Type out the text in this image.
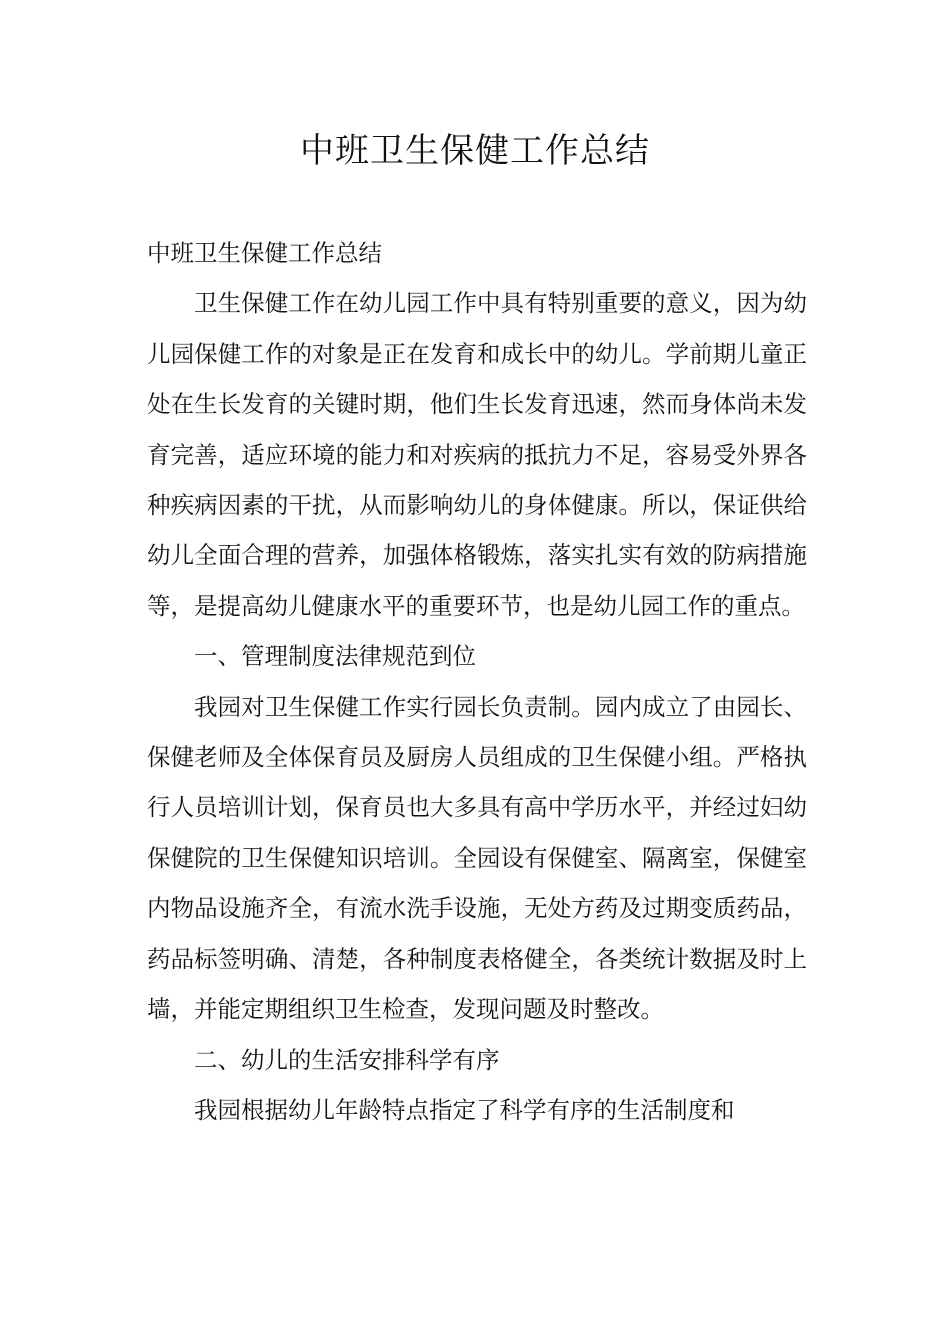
中班卫生保健工作总结

中班卫生保健工作总结

卫生保健工作在幼儿园工作中具有特别重要的意义，因为幼儿园保健工作的对象是正在发育和成长中的幼儿。学前期儿童正处在生长发育的关键时期，他们生长发育迅速，然而身体尚未发育完善，适应环境的能力和对疾病的抵抗力不足，容易受外界各种疾病因素的干扰，从而影响幼儿的身体健康。所以，保证供给幼儿全面合理的营养，加强体格锻炼，落实扎实有效的防病措施等，是提高幼儿健康水平的重要环节，也是幼儿园工作的重点。

一、管理制度法律规范到位

我园对卫生保健工作实行园长负责制。园内成立了由园长、保健老师及全体保育员及厨房人员组成的卫生保健小组。严格执行人员培训计划，保育员也大多具有高中学历水平，并经过妇幼保健院的卫生保健知识培训。全园设有保健室、隔离室，保健室内物品设施齐全，有流水洗手设施，无处方药及过期变质药品，药品标签明确、清楚，各种制度表格健全，各类统计数据及时上墙，并能定期组织卫生检查，发现问题及时整改。

二、幼儿的生活安排科学有序

我园根据幼儿年龄特点指定了科学有序的生活制度和
